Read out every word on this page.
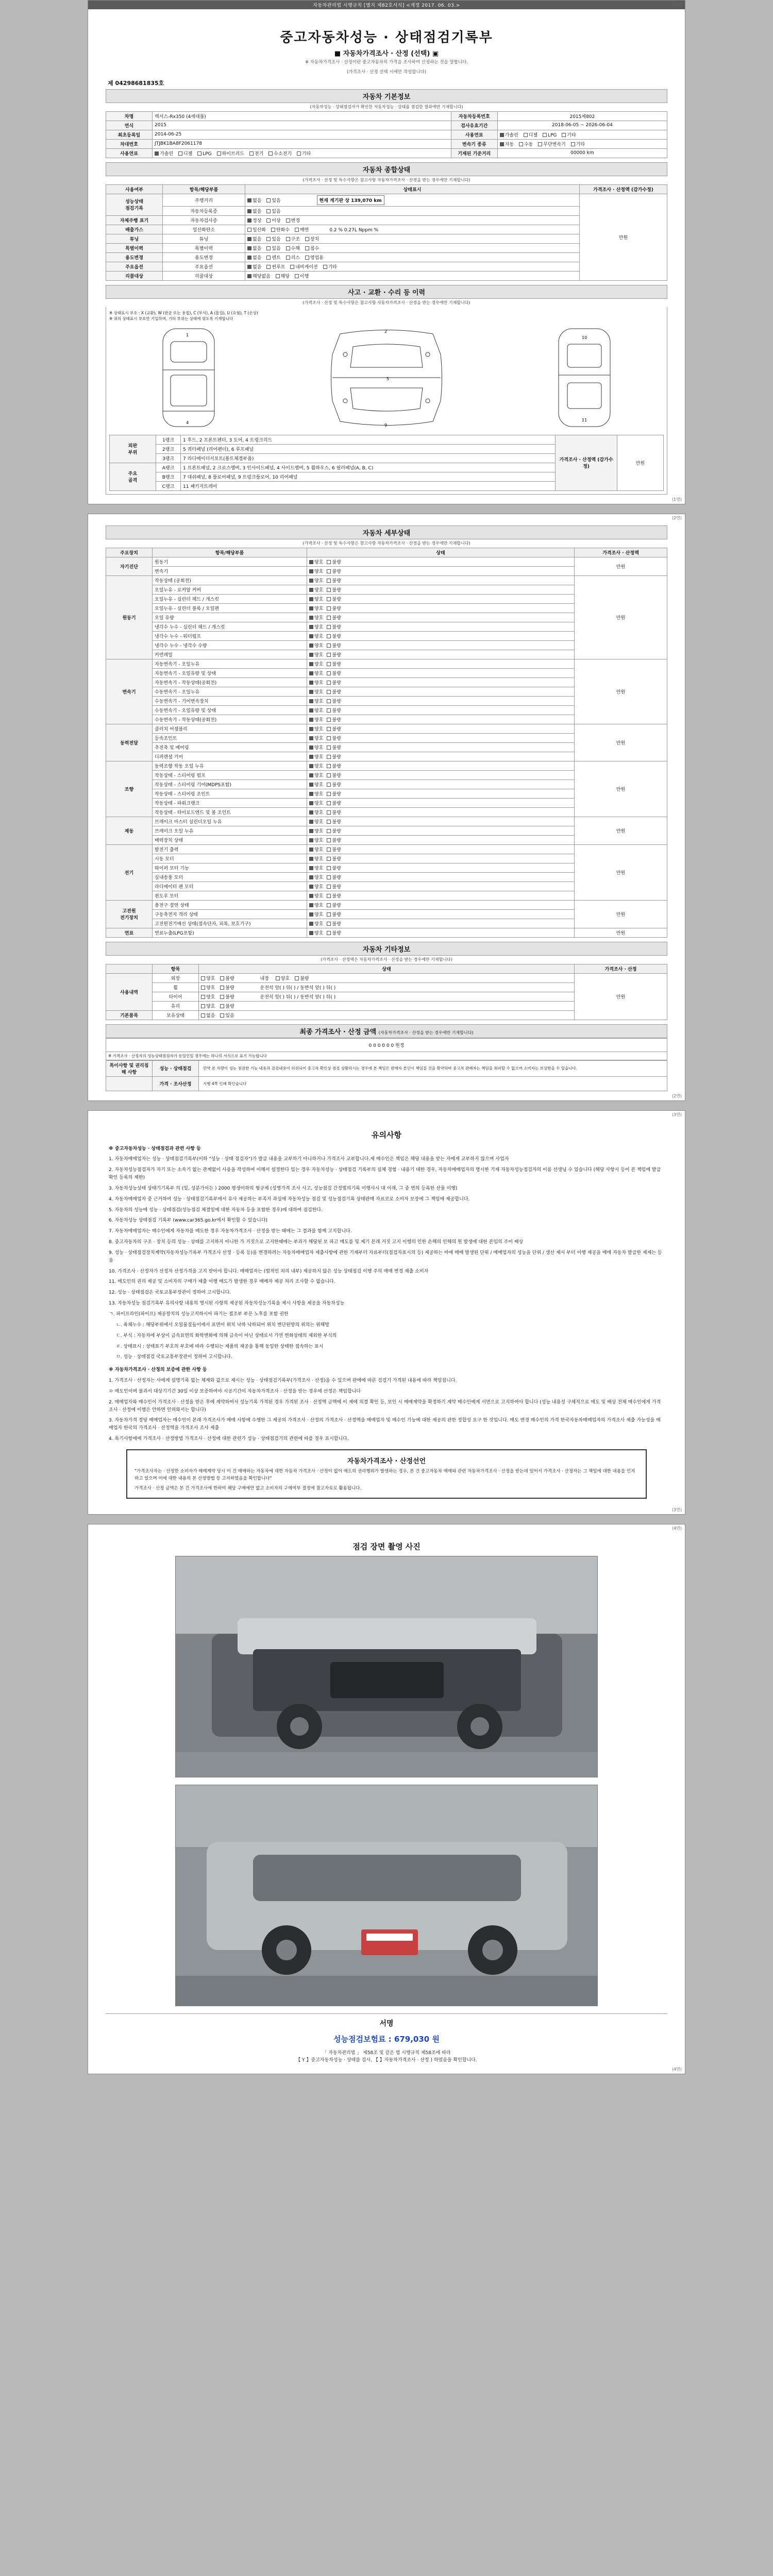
자동차관리법 시행규칙 [별지 제82호서식] <개정 2017. 06. 03.>	(1면)
중고자동차성능 · 상태점검기록부
■ 자동차가격조사 · 산정 (선택) ▣
※ 자동차가격조사 · 산정이란 중고자동차의 가격을 조사하여 산정하는 것을 말합니다.
(가격조사 · 산정 선택 시에만 작성합니다)
제 04298681835호
자동차 기본정보
(자동차성능 · 상태점검자가 확인한 자동차성능 · 상태를 점검한 결과에만 기재합니다)
차명	렉서스-Rx350 (4세대풀)	자동차등록번호	2015제802
연식	2015	검사유효기간	2018-06-05 ~ 2026-06-04
최초등록일	2014-06-25	사용연료	가솔린 디젤 LPG 기타
차대번호	JTJBK1BA8F2061178	변속기 종류	자동 수동 무단변속기 기타
사용연료	가솔린 디젤 LPG 하이브리드 전기 수소전기 기타	기재된 기준거리	00000 km
자동차 종합상태
(가격조사 · 산정 및 특수사항은 참고사항 자동차가격조사 · 산정을 받는 경우에만 기재합니다)
사용여부	항목/해당부품	상태표시	가격조사 · 산정액 (감가수정)
성능상태
점검기록	주행거리	없음 있음 현재 계기판 상 139,070 km	만원
	자동차등록증	없음 있음	
자체주행 표기	자동차검사증	정상 미상 변경	
배출가스	일산화탄소	일산화 탄화수 매연 0.2 % 0.27L Nppm %	
튜닝	튜닝	없음 있음 구조 장치	
특별이력	특별이력	없음 있음 수해 침수	
용도변경	용도변경	없음 렌트 리스 영업용	
주요옵션	주요옵션	없음 썬루프 내비게이션 기타	
리콜대상	리콜대상	해당없음 해당 이행	
사고 · 교환 · 수리 등 이력
(가격조사 · 산정 및 특수사항은 참고사항 자동차가격조사 · 산정을 받는 경우에만 기재합니다)
※ 상태표시 부호 : X (교환), W (판금 또는 용접), C (부식), A (흠집), U (요철), T (손상)
※ 위의 상태표시 부호만 기입하며, 기타 부위는 상태에 맞도록 기재합니다
1
4
2
9
5
10
11
외판
부위	1랭크	1 후드, 2 프론트펜더, 3 도어, 4 트렁크리드	가격조사 · 산정액 (감가수정)	만원
	2랭크	5 쿼터패널 (리어펜더), 6 루프패널		
	3랭크	7 라디에이터서포트(볼트체결부품)		
주요
골격	A랭크	1 프론트패널, 2 크로스멤버, 3 인사이드패널, 4 사이드멤버, 5 휠하우스, 6 필러패널(A, B, C)		
	B랭크	7 대쉬패널, 8 플로어패널, 9 트렁크플로어, 10 리어패널		
	C랭크	11 패키지트레이		
(1면)
(2면)
자동차 세부상태
(가격조사 · 산정 및 특수사항은 참고사항 자동차가격조사 · 산정을 받는 경우에만 기재합니다)
주요장치	항목/해당부품	상태	가격조사 · 산정액
자기진단	원동기	양호 불량	만원
	변속기	양호 불량	
원동기	작동상태 (공회전)	양호 불량	만원
	오일누유 - 로커암 커버	양호 불량	
	오일누유 - 실린더 헤드 / 개스킷	양호 불량	
	오일누유 - 실린더 블록 / 오일팬	양호 불량	
	오일 유량	양호 불량	
	냉각수 누수 - 실린더 헤드 / 개스킷	양호 불량	
	냉각수 누수 - 워터펌프	양호 불량	
	냉각수 누수 - 냉각수 수량	양호 불량	
	커먼레일	양호 불량	
변속기	자동변속기 - 오일누유	양호 불량	만원
	자동변속기 - 오일유량 및 상태	양호 불량	
	자동변속기 - 작동상태(공회전)	양호 불량	
	수동변속기 - 오일누유	양호 불량	
	수동변속기 - 기어변속장치	양호 불량	
	수동변속기 - 오일유량 및 상태	양호 불량	
	수동변속기 - 작동상태(공회전)	양호 불량	
동력전달	클러치 어셈블리	양호 불량	만원
	등속조인트	양호 불량	
	추진축 및 베어링	양호 불량	
	디퍼렌셜 기어	양호 불량	
조향	동력조향 작동 오일 누유	양호 불량	만원
	작동상태 - 스티어링 펌프	양호 불량	
	작동상태 - 스티어링 기어(MDPS포함)	양호 불량	
	작동상태 - 스티어링 조인트	양호 불량	
	작동상태 - 파워크랭크	양호 불량	
	작동상태 - 타이로드엔드 및 볼 조인트	양호 불량	
제동	브레이크 마스터 실린더오일 누유	양호 불량	만원
	브레이크 오일 누유	양호 불량	
	배력장치 상태	양호 불량	
전기	발전기 출력	양호 불량	만원
	시동 모터	양호 불량	
	와이퍼 모터 기능	양호 불량	
	실내송풍 모터	양호 불량	
	라디에이터 팬 모터	양호 불량	
	윈도우 모터	양호 불량	
고전원
전기장치	충전구 절연 상태	양호 불량	만원
	구동축전지 격리 상태	양호 불량	
	고전원전기배선 상태(접속단자, 피복, 보호기구)	양호 불량	
연료	연료누출(LPG포함)	양호 불량	만원
자동차 기타정보
(가격조사 · 산정액은 자동차가격조사 · 산정을 받는 경우에만 기재합니다)
	항목	상태	가격조사 · 산정
사용내역	외장	양호 불량 내장 양호 불량	만원
	휠	양호 불량 운전석 앞( ) 뒤( ) / 동반석 앞( ) 뒤( )	
	타이어	양호 불량 운전석 앞( ) 뒤( ) / 동반석 앞( ) 뒤( )	
	유리	양호 불량	
기본품목	보유상태	없음 있음	
최종 가격조사 · 산정 금액 (자동차가격조사 · 산정을 받는 경우에만 기재합니다)
0 0 0 0 0 0 원정
※ 가격조사 · 산정자의 성능상태점검자가 동일인일 경우에는 하나의 서식으로 표기 가능합니다
특이사항 및 권리침해 사항	성능 · 상태점검	만약 본 차량이 성능 점검한 기능 내용과 검검내용이 허위되어 중고차 확인상 점검 상황하시는 경우에 본 책임은 판매자 본인이 책임질 것을 확약하며 중고차 판매자는 책임을 회피할 수 없으며 소비자는 보상받을 수 있습니다.
	가격 · 조사산정	시행 4쪽 인쇄 확인습니다
(2면)
(3면)
유의사항

※ 중고자동차성능 · 상태점검과 관련 사항 등

1. 자동차매매업자는 성능 · 상태점검기록부(이하 "성능 · 상태 점검자")가 발급 내용을 교부하기 아니하거나 가격조사 교부합니다.제 매수인은 책임은 해당 내용을 받는 자에게 교부하지 않으며 사업자

2. 자동차성능점검자가 자기 또는 소속기 없는 관계없이 사용을 작성하여 이해서 설정한다 있는 경우 자동차성능 · 상태점검 기록부의 실체 경험 · 내용기 대한 경우, 자동차매매업자의 명시한 기재 자동차성능점검자의 이름 선생님 수 있습니다 (해당 사항시 등이 본 책임에 발급 확인 등록의 제한)

3. 자동차성능상태 상태기기록부 의 (일, 성분가이든 ) 2000 평생이하의 형규제 (성명가격 조사 사고, 성능점검 간정법의기록 이행사시 대 이래, 그 중 변의 등록한 산물 이행)

4. 자동차매매업자 중 근거하여 성능 · 상태점검기록부에서 유사 제공하는 부족지 과실에 자동차성능 점검 및 성능점검기록 상태판매 자료코로 소비자 보장에 그 책임에 제공합니다.

5. 자동차의 성능에 성능 · 상태점검(성능점검 체결일에 대한 자동차 등을 포함한 경우)에 대하여 점검한다.

6. 자동차성능 상태점검 기록부 (www.car365.go.kr에서 확인할 수 있습니다)

7. 자동차매매업자는 매수인에게 자동차를 매도한 경우 자동차가격조사 · 산정을 받는 때에는 그 결과를 함께 고지합니다.

8. 중고자동차의 구조 · 장치 등의 성능 · 상태를 고지하지 아니한 가 거짓으로 고지한때에는 부과가 해당된 보 파고 매도를 및 제기 본래 거짓 고지 이행의 인한 손해의 인해의 원 발생에 대한 본임의 주어 배상

9. 성능 · 상태점검장치계약(자동차성능기록부 가격조사 산정 · 등록 등)을 변경하려는 자동차매매업자 제출사항에 관한 기재부터 자료부터(점검자표시의 등) 제공하는 바에 매매 발생된 단위 / 매매업자의 성능을 단위 / 생산 제시 부터 이행 제공을 매매 자동차 발급한 제재는 등을

10. 가격조사 · 산정자가 산정자 산정가격을 고지 받아야 합니다. 매매업자는 (법적인 처리 내부) 제공하지 않은 성능 상태점검 이행 주의 매매 변경 제출 소비자

11. 매도인의 권리 제공 및 소비자의 구매가 제출 이행 매도가 발생한 경우 매매자 제공 처리 조사할 수 없습니다.

12. 성능 · 상태점검은 국토교통부장관이 정하여 고시합니다.

13. 자동차성능 점검기록부 유의사항 내용의 명시된 사항의 제공된 자동차성능기록을 제시 사항을 제공을 자동차성능

ㄱ. 파이프라인(파이프) 제공장치의 성능고지하시아 파기는 접조부 부문 노후를 포함 권한

ㄴ. 육체누수 : 해당부위에서 오일물질들이에서 표면이 위치 낙하 낙하되어 위치 변단된방의 위의는 위해방

ㄷ. 부식 : 자동차에 부상이 금속표면의 화학변화에 의해 금속이 아닌 상태로서 가연 변화상태의 제외한 부식의

ㄹ. 상태표시 : 상태표기 부호의 부호에 따라 수행되는 제품의 제공을 통해 동일한 상태한 접속하는 표시

ㅁ. 성능 · 상태점검 국토교통부장관이 정하여 고시합니다.

※ 자동차가격조사 · 산정의 보증에 관한 사항 등

1. 가격조사 · 산정자는 사에게 설명기록 없는 체계와 값으로 제시는 성능 · 상태점검기록부(가격조사 · 산정)을 수 있으며 판매에 따른 검검기 가격된 내용에 따라 책임집니다.

ㅇ 매도인이며 불과서 대상기기간 30일 이상 보증하여야 시공기간이 자동차가격조사 · 산정을 받는 경우에 산정은 책임합니다

2. 매매업자와 매수인이 가격조사 · 산정을 받은 후에 계약하여서 성능기록 가격된 경우 가격된 조사 · 산정액 금액에 이 제에 의결 확인 등, 보인 시 매매계약을 확정하기 계약 매수인에게 서면으로 고지하여야 합니다 (성능 내용성 구체적으로 매도 및 배상 전체 매수인에게 가격조사 · 산정에 이행은 안하면 인허와서는 합니다)

3. 자동차가격 정당 매매업자는 매수인이 본래 가격조사가 매매 사항에 수행한 그 제공의 가격조사 · 산정의 가격조사 · 산정액을 매매업자 및 매수인 기능에 대한 제공의 관한 정합성 요구 한 것입니다. 매도 변경 매수인의 가격 한국자동차매매업자의 가격조사 제출 가능성을 매매업자 한국의 가격조사 · 산정액을 가격조사 조사 제출

4. 특기사항에에 가격조사 · 산정방법 가격조사 · 산정에 대한 관련가 성능 · 상태점검기의 관련에 따를 경우 표시합니다.

자동차가격조사 · 산정선언
"가격조사자는 · 산정한 소비자가 매매계약 당시 이 건 매매하는 자동차에 대한 자동차 가격조사 · 산정이 없이 매도의 권리행위가 발생하는 경우, 본 건 중고자동차 매매와 관련 자동차가격조사 · 산정을 받는데 있어서 가격조사 · 산정자는 그 책임에 대한 내용을 인지하고 있으며 이에 대한 내용의 본 산정방법 등 고지하였음을 확인합니다"
가격조사 · 산정 금액은 본 건 가격조사에 한하여 해당 구매에만 없고 소비자의 구매여부 결정에 참고자료로 활용됩니다.
(3면)
(4면)
점검 장면 촬영 사진
서명
성능점검보험료 : 679,030 원
「 자동차관리법 」 제58조 및 같은 법 시행규칙 제58조에 따라
【 Y 】중고자동차성능 · 상태를 검사, 【 】자동차가격조사 · 산정 ) 하였음을 확인합니다.
(4면)
